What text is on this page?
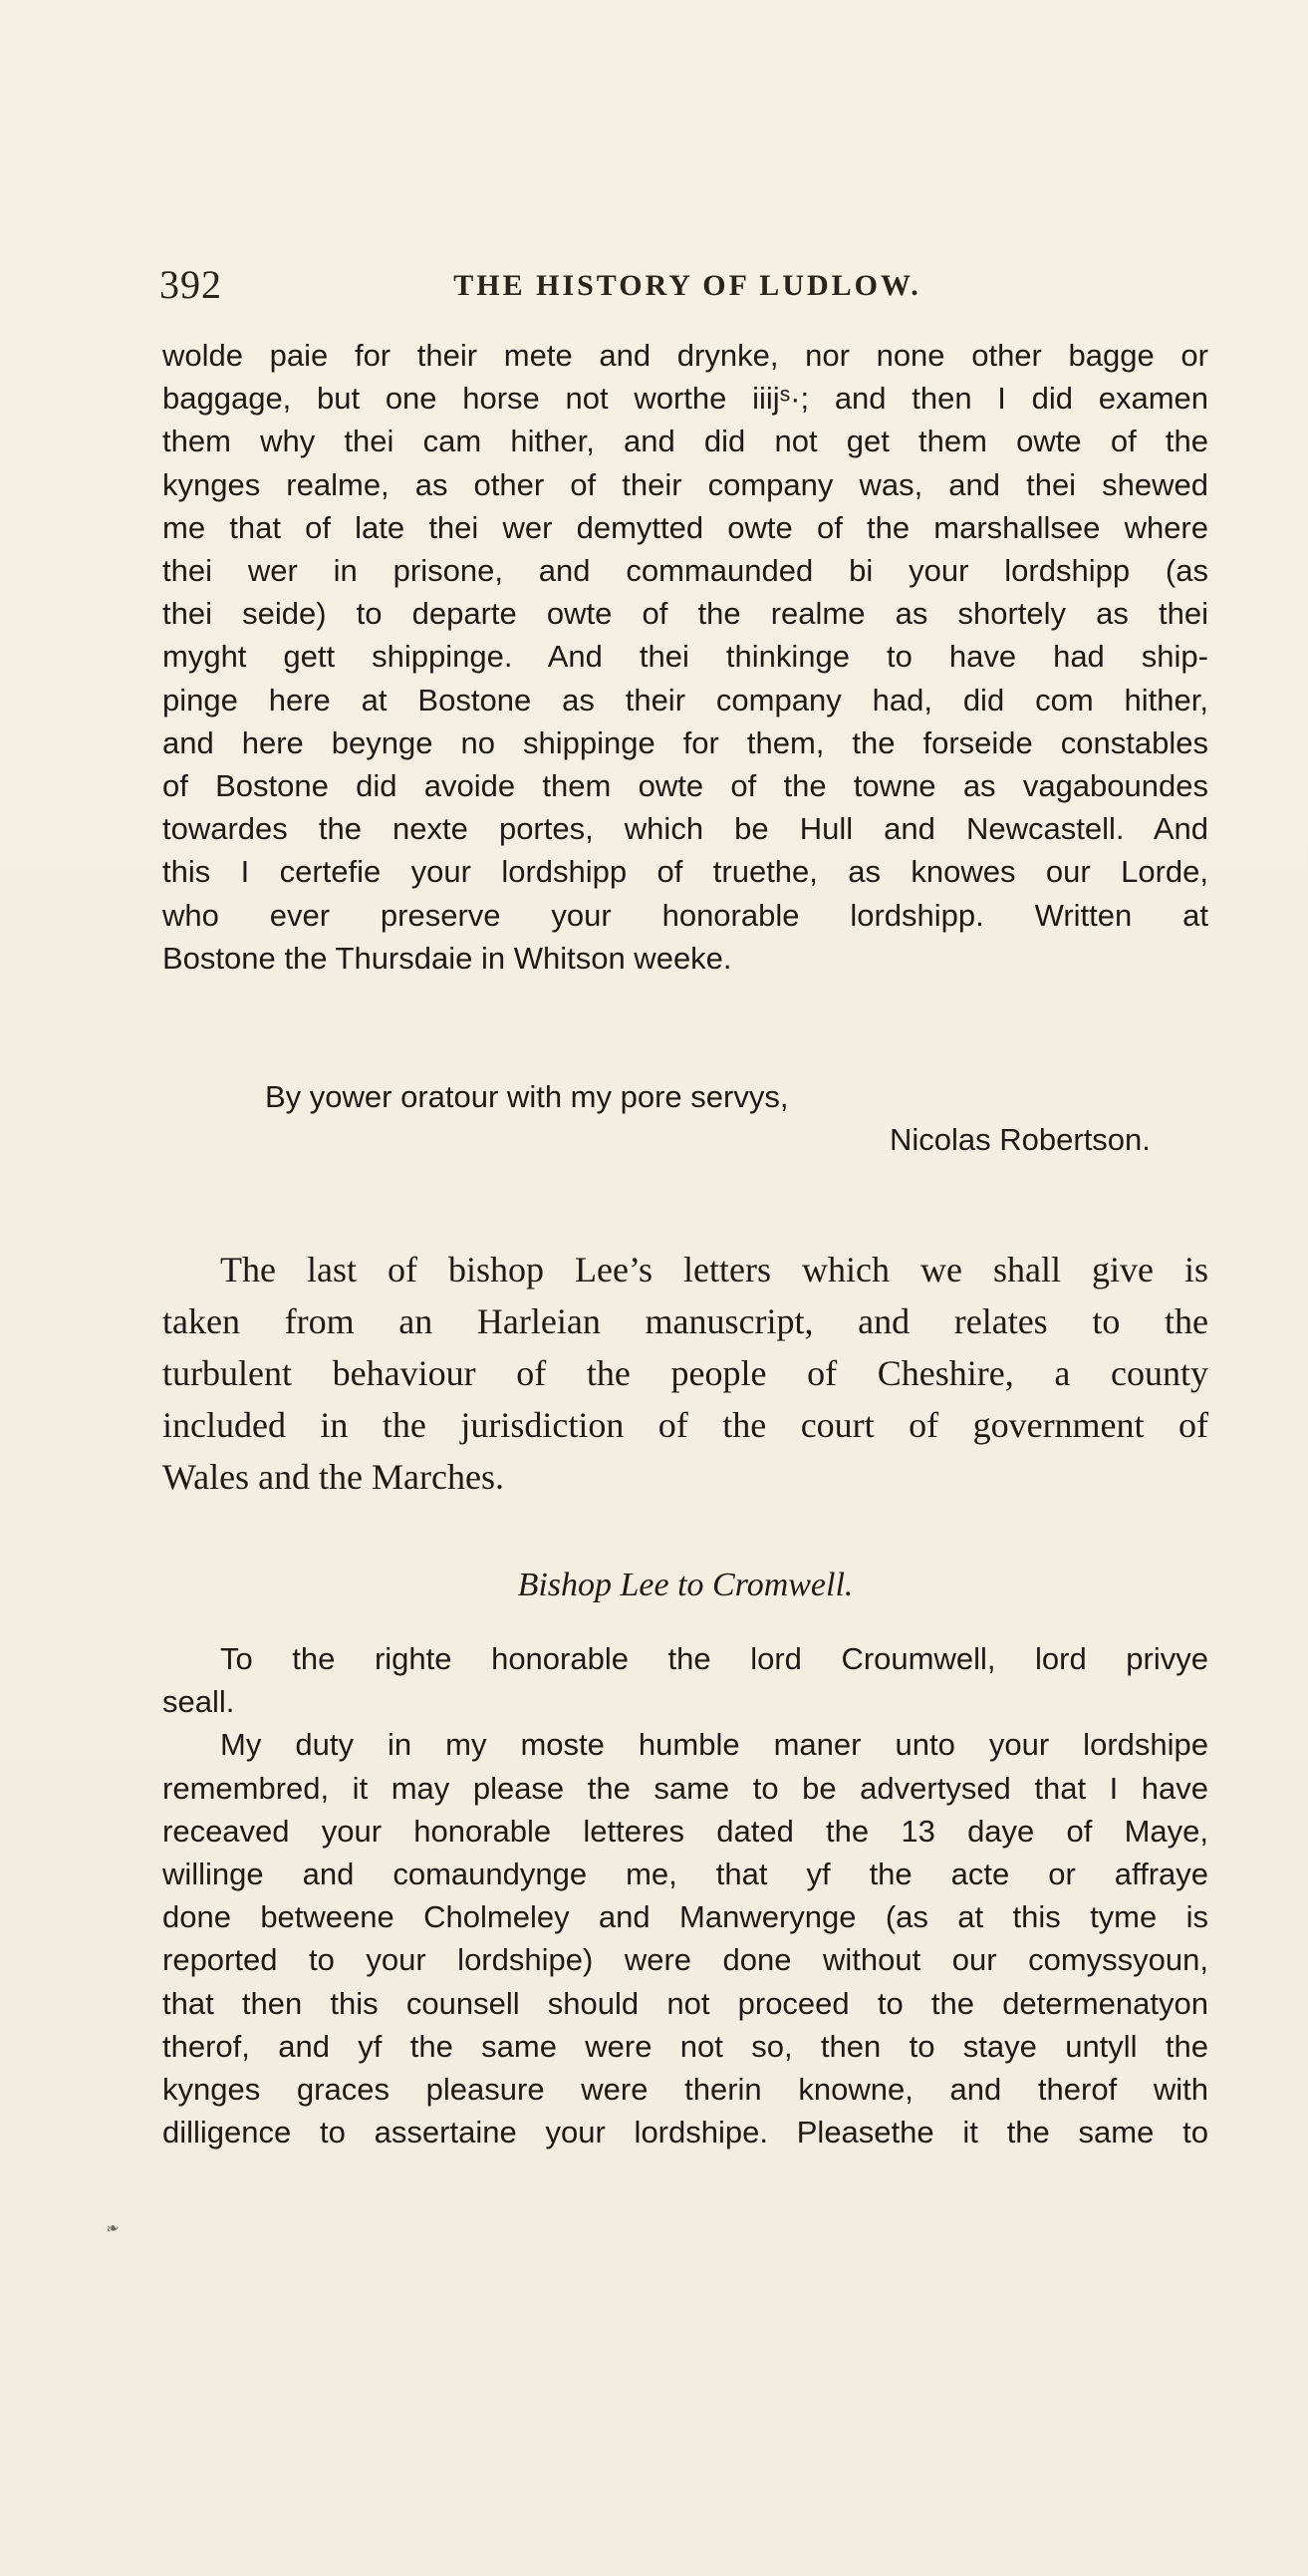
392	THE HISTORY OF LUDLOW.
wolde paie for their mete and drynke, nor none other bagge or
baggage, but one horse not worthe iiijˢ·; and then I did examen
them why thei cam hither, and did not get them owte of the
kynges realme, as other of their company was, and thei shewed
me that of late thei wer demytted owte of the marshallsee where
thei wer in prisone, and commaunded bi your lordshipp (as
thei seide) to departe owte of the realme as shortely as thei
myght gett shippinge. And thei thinkinge to have had ship-
pinge here at Bostone as their company had, did com hither,
and here beynge no shippinge for them, the forseide constables
of Bostone did avoide them owte of the towne as vagaboundes
towardes the nexte portes, which be Hull and Newcastell. And
this I certefie your lordshipp of truethe, as knowes our Lorde,
who ever preserve your honorable lordshipp. Written at
Bostone the Thursdaie in Whitson weeke.
By yower oratour with my pore servys,
Nicolas Robertson.
The last of bishop Lee’s letters which we shall give is
taken from an Harleian manuscript, and relates to the
turbulent behaviour of the people of Cheshire, a county
included in the jurisdiction of the court of government of
Wales and the Marches.
Bishop Lee to Cromwell.
To the righte honorable the lord Croumwell, lord privye
seall.
My duty in my moste humble maner unto your lordshipe
remembred, it may please the same to be advertysed that I have
receaved your honorable letteres dated the 13 daye of Maye,
willinge and comaundynge me, that yf the acte or affraye
done betweene Cholmeley and Manwerynge (as at this tyme is
reported to your lordshipe) were done without our comyssyoun,
that then this counsell should not proceed to the determenatyon
therof, and yf the same were not so, then to staye untyll the
kynges graces pleasure were therin knowne, and therof with
dilligence to assertaine your lordshipe. Pleasethe it the same to
❧
